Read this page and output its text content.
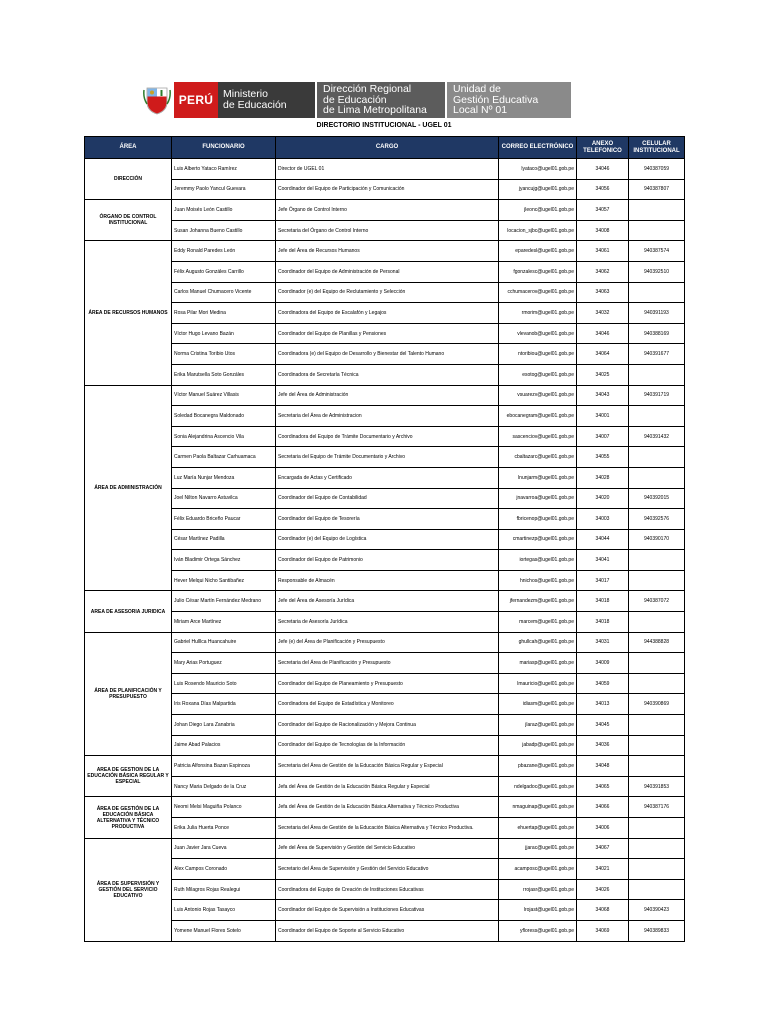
PERÚ Ministerio
de Educación
Dirección Regional
de Educación
de Lima Metropolitana
Unidad de
Gestión Educativa
Local Nº 01
DIRECTORIO INSTITUCIONAL - UGEL 01
ÁREA	FUNCIONARIO	CARGO	CORREO ELECTRÓNICO	ANEXO TELEFONICO	CELULAR INSTITUCIONAL
DIRECCIÓN	Luis Alberto Yataco Ramírez	Director de UGEL 01	lyataco@ugel01.gob.pe	34046	940387059
	Jeremmy Paolo Yancul Guevara	Coordinador del Equipo de Participación y Comunicación	jyancujg@ugel01.gob.pe	34056	940387807
ÓRGANO DE CONTROL INSTITUCIONAL	Juan Moisés León Castillo	Jefe Órgano de Control Interno	jleonc@ugel01.gob.pe	34057	
	Susan Johanna Bueno Castillo	Secretaria del Órgano de Control Interno	locacion_sjbc@ugel01.gob.pe	34008	
ÁREA DE RECURSOS HUMANOS	Eddy Ronald Paredes León	Jefe del Área de Recursos Humanos	eparedesl@ugel01.gob.pe	34061	940387574
	Félix Augusto Gonzáles Carrillo	Coordinador del Equipo de Administración de Personal	fgonzalesc@ugel01.gob.pe	34062	940392510
	Carlos Manuel Chumacero Vicente	Coordinador (e) del Equipo de Reclutamiento y Selección	cchumacerov@ugel01.gob.pe	34063	
	Rosa Pilar Mori Medina	Coordinadora del Equipo de Escalafón y Legajos	rmorim@ugel01.gob.pe	34032	940391193
	Víctor Hugo Levano Bazán	Coordinador del Equipo de Planillas y Pensiones	vlevanob@ugel01.gob.pe	34046	940388169
	Norma Cristina Toribio Utos	Coordinadora (e) del Equipo de Desarrollo y Bienestar del Talento Humano	ntoribiou@ugel01.gob.pe	34064	940391677
	Erika Marutsella Soto Gonzáles	Coordinadora de Secretaría Técnica	esotog@ugel01.gob.pe	34025	
ÁREA DE ADMINISTRACIÓN	Víctor Manuel Suárez Villasis	Jefe del Área de Administración	vsuarezv@ugel01.gob.pe	34043	940391719
	Soledad Bocanegra Maldonado	Secretaria del Área de Administracion	ebocanegram@ugel01.gob.pe	34001	
	Sonia Alejandrina Ascencio Vila	Coordinadora del Equipo de Trámite Documentario y Archivo	sascenciov@ugel01.gob.pe	34007	940391432
	Carmen Paola Baltazar Carhuamaca	Secretaria del Equipo de Trámite Documentario y Archivo	cbaltazarc@ugel01.gob.pe	34055	
	Luz María Nunjar Mendoza	Encargada de Actas y Certificado	lnunjarm@ugel01.gob.pe	34028	
	Joel Nilton Navarro Astuvilca	Coordinador del Equipo de Contabilidad	jnavarroa@ugel01.gob.pe	34020	940392015
	Félix Eduardo Briceño Paucar	Coordinador del Equipo de Tesorería	fbricenop@ugel01.gob.pe	34003	940392576
	César Martínez Padilla	Coordinador (e) del Equipo de Logística	cmartinezp@ugel01.gob.pe	34044	940390170
	Iván Bladimir Ortega Sánchez	Coordinador del Equipo de Patrimonio	iortegas@ugel01.gob.pe	34041	
	Hever Melqui Nicho Santibañez	Responsable de Almacén	hnichos@ugel01.gob.pe	34017	
AREA DE ASESORIA JURIDICA	Julio César Martín Fernández Medrano	Jefe del Área de Asesoría Jurídica	jfernandezm@ugel01.gob.pe	34018	940387072
	Miriam Arce Martínez	Secretaria de Asesoría Jurídica	marcem@ugel01.gob.pe	34018	
ÁREA DE PLANIFICACIÓN Y PRESUPUESTO	Gabriel Hulllca Huancahuire	Jefe (e) del Área de Planificación y Presupuesto	ghullcah@ugel01.gob.pe	34031	944388828
	Mary Arias Portuguez	Secretaria del Área de Planificación y Presupuesto	mariasp@ugel01.gob.pe	34009	
	Luis Rosendo Mauricio Soto	Coordinador del Equipo de Planeamiento y Presupuesto	lmauricio@ugel01.gob.pe	34059	
	Iris Roxana Días Malpartida	Coordinadora del Equipo de Estadística y Monitoreo	idiasm@ugel01.gob.pe	34013	940390869
	Johan Diego Lara Zanabria	Coordinador del Equipo de Racionalización y Mejora Continua	jlaraz@ugel01.gob.pe	34045	
	Jaime Abad Palacios	Coordinador del Equipo de Tecnologías de la Información	jabadp@ugel01.gob.pe	34036	
AREA DE GESTION DE LA EDUCACIÓN BÁSICA REGULAR Y ESPECIAL	Patricia Alfonsina Bazan Espinoza	Secretaria del Área de Gestión de la Educación Básica Regular y Especial	pbazane@ugel01.gob.pe	34048	
	Nancy Maria Delgado de la Cruz	Jefa del Área de Gestión de la Educación Básica Regular y Especial	ndelgadoc@ugel01.gob.pe	34065	940391853
ÁREA DE GESTIÓN DE LA EDUCACIÓN BÁSICA ALTERNATIVA Y TÉCNICO PRODUCTIVA	Neomi Melsi Maguiña Polanco	Jefa del Área de Gestión de la Educación Básica Alternativa y Técnico Productiva	nmaguinap@ugel01.gob.pe	34066	940387176
	Erika Julia Huerta Ponce	Secretaria del Área de Gestión de la Educación Básica Alternativa y Técnico Productiva.	ehuertap@ugel01.gob.pe	34006	
ÁREA DE SUPERVISIÓN Y GESTIÓN DEL SERVICIO EDUCATIVO	Juan Javier Jara Cueva	Jefe del Área de Supervisión y Gestión del Servicio Educativo	jjarac@ugel01.gob.pe	34067	
	Alex Campos Coronado	Secretario del Área de Supervisión y Gestión del Servicio Educativo	acamposc@ugel01.gob.pe	34021	
	Ruth Milagros Rojas Realegui	Coordinadora del Equipo de Creación de Instituciones Educativas	rrojasr@ugel01.gob.pe	34026	
	Luis Antonio Rojas Tasayco	Coordinador del Equipo de Supervisión a Instituciones Educativas	lrojast@ugel01.gob.pe	34068	940390423
	Yomene Manuel Flores Sotelo	Coordinador del Equipo de Soporte al Servicio Educativo	yfloress@ugel01.gob.pe	34069	940389833
